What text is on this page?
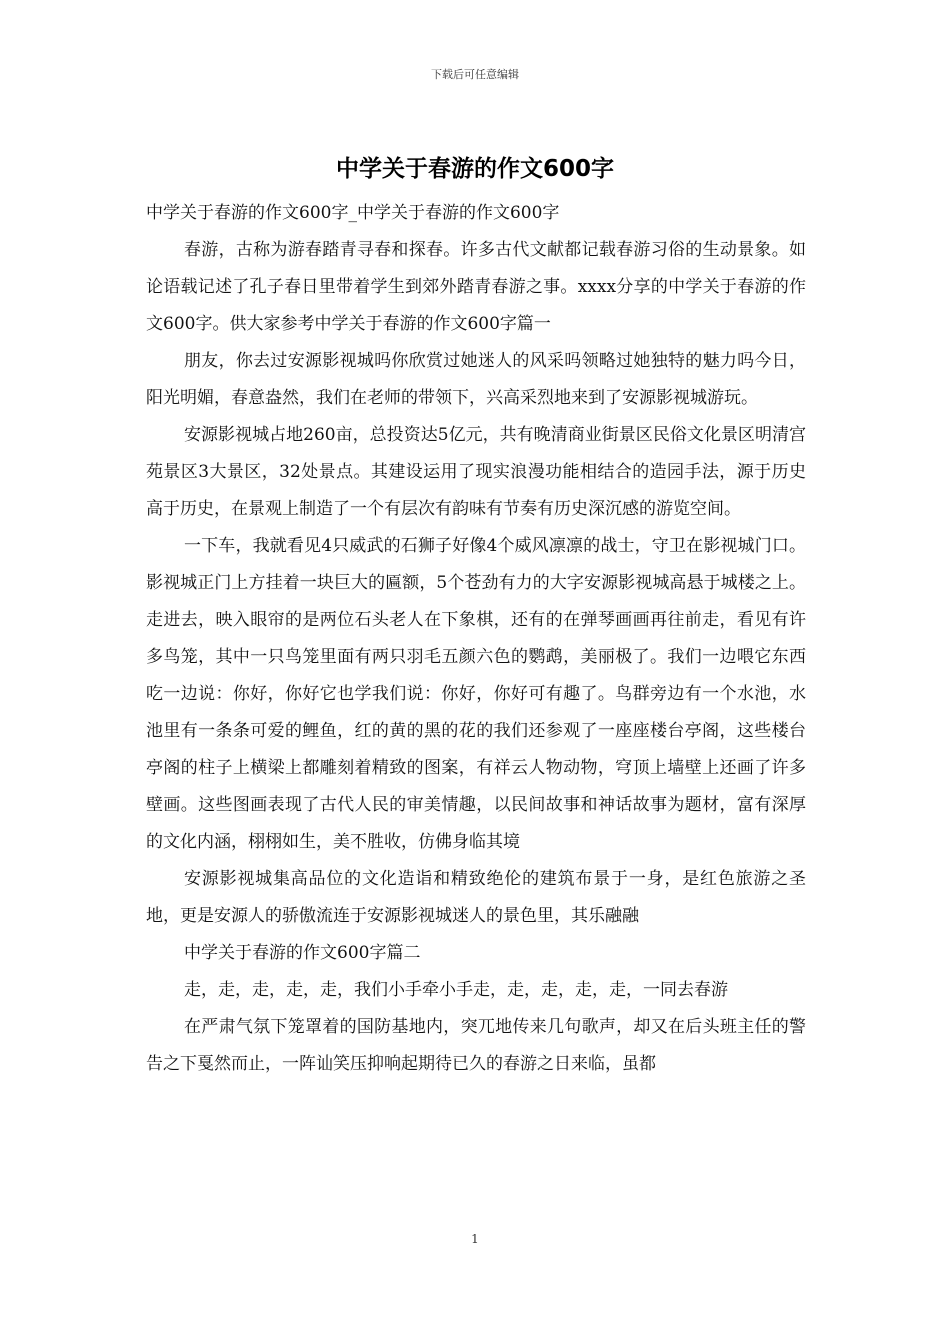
下载后可任意编辑
中学关于春游的作文600字

中学关于春游的作文600字_中学关于春游的作文600字

春游，古称为游春踏青寻春和探春。许多古代文献都记载春游习俗的生动景象。如论语载记述了孔子春日里带着学生到郊外踏青春游之事。xxxx分享的中学关于春游的作文600字。供大家参考中学关于春游的作文600字篇一

朋友，你去过安源影视城吗你欣赏过她迷人的风采吗领略过她独特的魅力吗今日，阳光明媚，春意盎然，我们在老师的带领下，兴高采烈地来到了安源影视城游玩。

安源影视城占地260亩，总投资达5亿元，共有晚清商业街景区民俗文化景区明清宫苑景区3大景区，32处景点。其建设运用了现实浪漫功能相结合的造园手法，源于历史高于历史，在景观上制造了一个有层次有韵味有节奏有历史深沉感的游览空间。

一下车，我就看见4只威武的石狮子好像4个威风凛凛的战士，守卫在影视城门口。影视城正门上方挂着一块巨大的匾额，5个苍劲有力的大字安源影视城高悬于城楼之上。走进去，映入眼帘的是两位石头老人在下象棋，还有的在弹琴画画再往前走，看见有许多鸟笼，其中一只鸟笼里面有两只羽毛五颜六色的鹦鹉，美丽极了。我们一边喂它东西吃一边说：你好，你好它也学我们说：你好，你好可有趣了。鸟群旁边有一个水池，水池里有一条条可爱的鲤鱼，红的黄的黑的花的我们还参观了一座座楼台亭阁，这些楼台亭阁的柱子上横梁上都雕刻着精致的图案，有祥云人物动物，穹顶上墙壁上还画了许多壁画。这些图画表现了古代人民的审美情趣，以民间故事和神话故事为题材，富有深厚的文化内涵，栩栩如生，美不胜收，仿佛身临其境

安源影视城集高品位的文化造诣和精致绝伦的建筑布景于一身，是红色旅游之圣地，更是安源人的骄傲流连于安源影视城迷人的景色里，其乐融融

中学关于春游的作文600字篇二

走，走，走，走，走，我们小手牵小手走，走，走，走，走，一同去春游

在严肃气氛下笼罩着的国防基地内，突兀地传来几句歌声，却又在后头班主任的警告之下戛然而止，一阵讪笑压抑响起期待已久的春游之日来临，虽都

1
